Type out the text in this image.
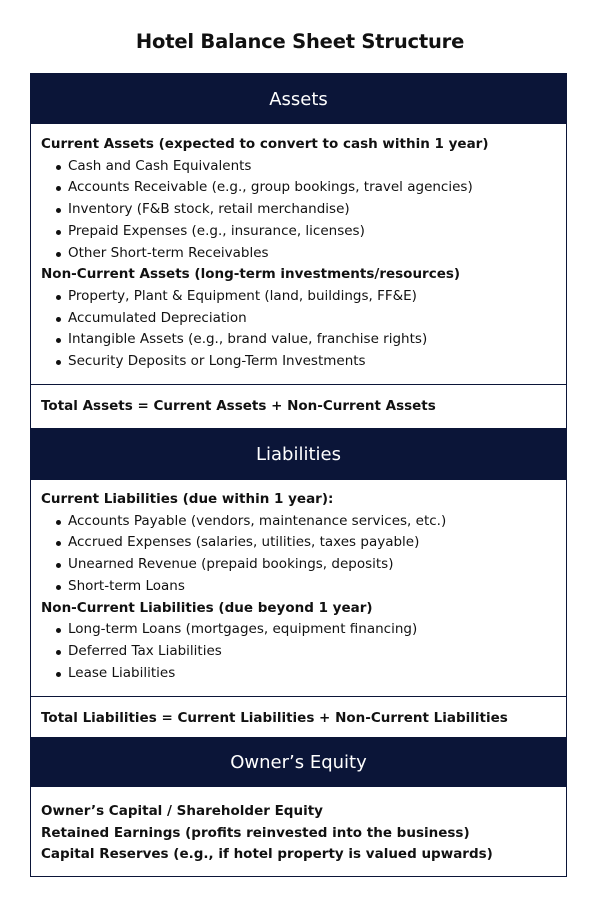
Hotel Balance Sheet Structure
Assets
Current Assets (expected to convert to cash within 1 year)
Cash and Cash Equivalents
Accounts Receivable (e.g., group bookings, travel agencies)
Inventory (F&B stock, retail merchandise)
Prepaid Expenses (e.g., insurance, licenses)
Other Short-term Receivables
Non-Current Assets (long-term investments/resources)
Property, Plant & Equipment (land, buildings, FF&E)
Accumulated Depreciation
Intangible Assets (e.g., brand value, franchise rights)
Security Deposits or Long-Term Investments
Total Assets = Current Assets + Non-Current Assets
Liabilities
Current Liabilities (due within 1 year):
Accounts Payable (vendors, maintenance services, etc.)
Accrued Expenses (salaries, utilities, taxes payable)
Unearned Revenue (prepaid bookings, deposits)
Short-term Loans
Non-Current Liabilities (due beyond 1 year)
Long-term Loans (mortgages, equipment financing)
Deferred Tax Liabilities
Lease Liabilities
Total Liabilities = Current Liabilities + Non-Current Liabilities
Owner’s Equity
Owner’s Capital / Shareholder Equity
Retained Earnings (profits reinvested into the business)
Capital Reserves (e.g., if hotel property is valued upwards)
